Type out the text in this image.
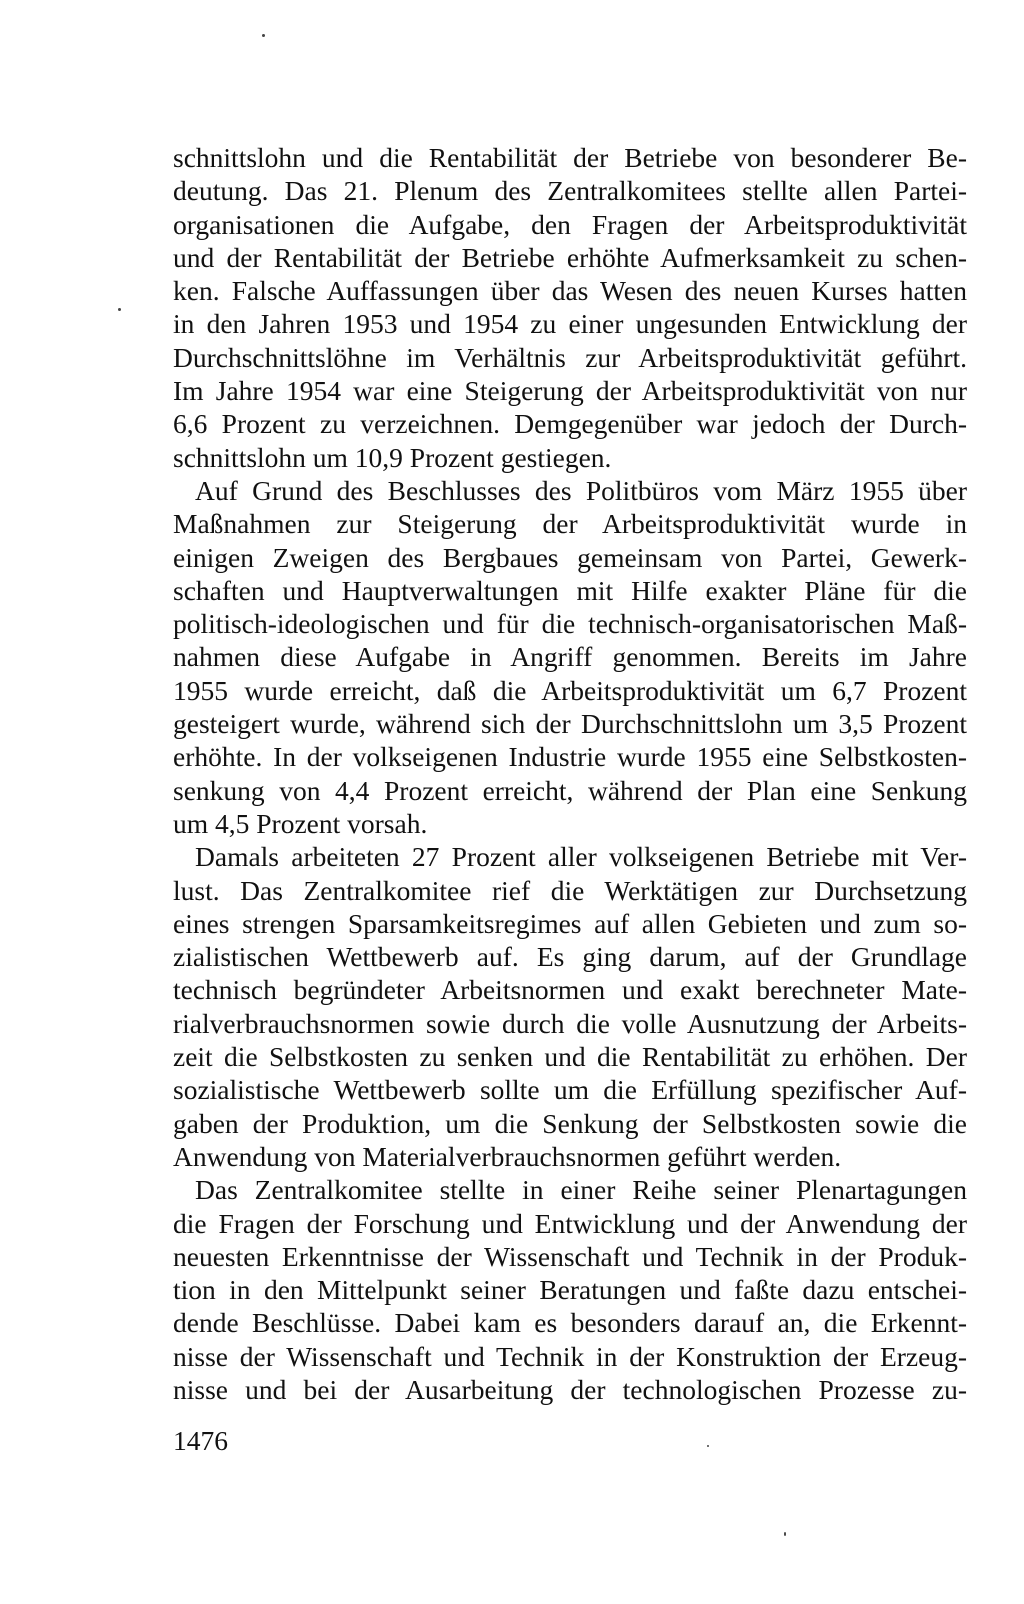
schnittslohn und die Rentabilität der Betriebe von besonderer Be-
deutung. Das 21. Plenum des Zentralkomitees stellte allen Partei-
organisationen die Aufgabe, den Fragen der Arbeitsproduktivität
und der Rentabilität der Betriebe erhöhte Aufmerksamkeit zu schen-
ken. Falsche Auffassungen über das Wesen des neuen Kurses hatten
in den Jahren 1953 und 1954 zu einer ungesunden Entwicklung der
Durchschnittslöhne im Verhältnis zur Arbeitsproduktivität geführt.
Im Jahre 1954 war eine Steigerung der Arbeitsproduktivität von nur
6,6 Prozent zu verzeichnen. Demgegenüber war jedoch der Durch-
schnittslohn um 10,9 Prozent gestiegen.
Auf Grund des Beschlusses des Politbüros vom März 1955 über
Maßnahmen zur Steigerung der Arbeitsproduktivität wurde in
einigen Zweigen des Bergbaues gemeinsam von Partei, Gewerk-
schaften und Hauptverwaltungen mit Hilfe exakter Pläne für die
politisch-ideologischen und für die technisch-organisatorischen Maß-
nahmen diese Aufgabe in Angriff genommen. Bereits im Jahre
1955 wurde erreicht, daß die Arbeitsproduktivität um 6,7 Prozent
gesteigert wurde, während sich der Durchschnittslohn um 3,5 Prozent
erhöhte. In der volkseigenen Industrie wurde 1955 eine Selbstkosten-
senkung von 4,4 Prozent erreicht, während der Plan eine Senkung
um 4,5 Prozent vorsah.
Damals arbeiteten 27 Prozent aller volkseigenen Betriebe mit Ver-
lust. Das Zentralkomitee rief die Werktätigen zur Durchsetzung
eines strengen Sparsamkeitsregimes auf allen Gebieten und zum so-
zialistischen Wettbewerb auf. Es ging darum, auf der Grundlage
technisch begründeter Arbeitsnormen und exakt berechneter Mate-
rialverbrauchsnormen sowie durch die volle Ausnutzung der Arbeits-
zeit die Selbstkosten zu senken und die Rentabilität zu erhöhen. Der
sozialistische Wettbewerb sollte um die Erfüllung spezifischer Auf-
gaben der Produktion, um die Senkung der Selbstkosten sowie die
Anwendung von Materialverbrauchsnormen geführt werden.
Das Zentralkomitee stellte in einer Reihe seiner Plenartagungen
die Fragen der Forschung und Entwicklung und der Anwendung der
neuesten Erkenntnisse der Wissenschaft und Technik in der Produk-
tion in den Mittelpunkt seiner Beratungen und faßte dazu entschei-
dende Beschlüsse. Dabei kam es besonders darauf an, die Erkennt-
nisse der Wissenschaft und Technik in der Konstruktion der Erzeug-
nisse und bei der Ausarbeitung der technologischen Prozesse zu-
1476
